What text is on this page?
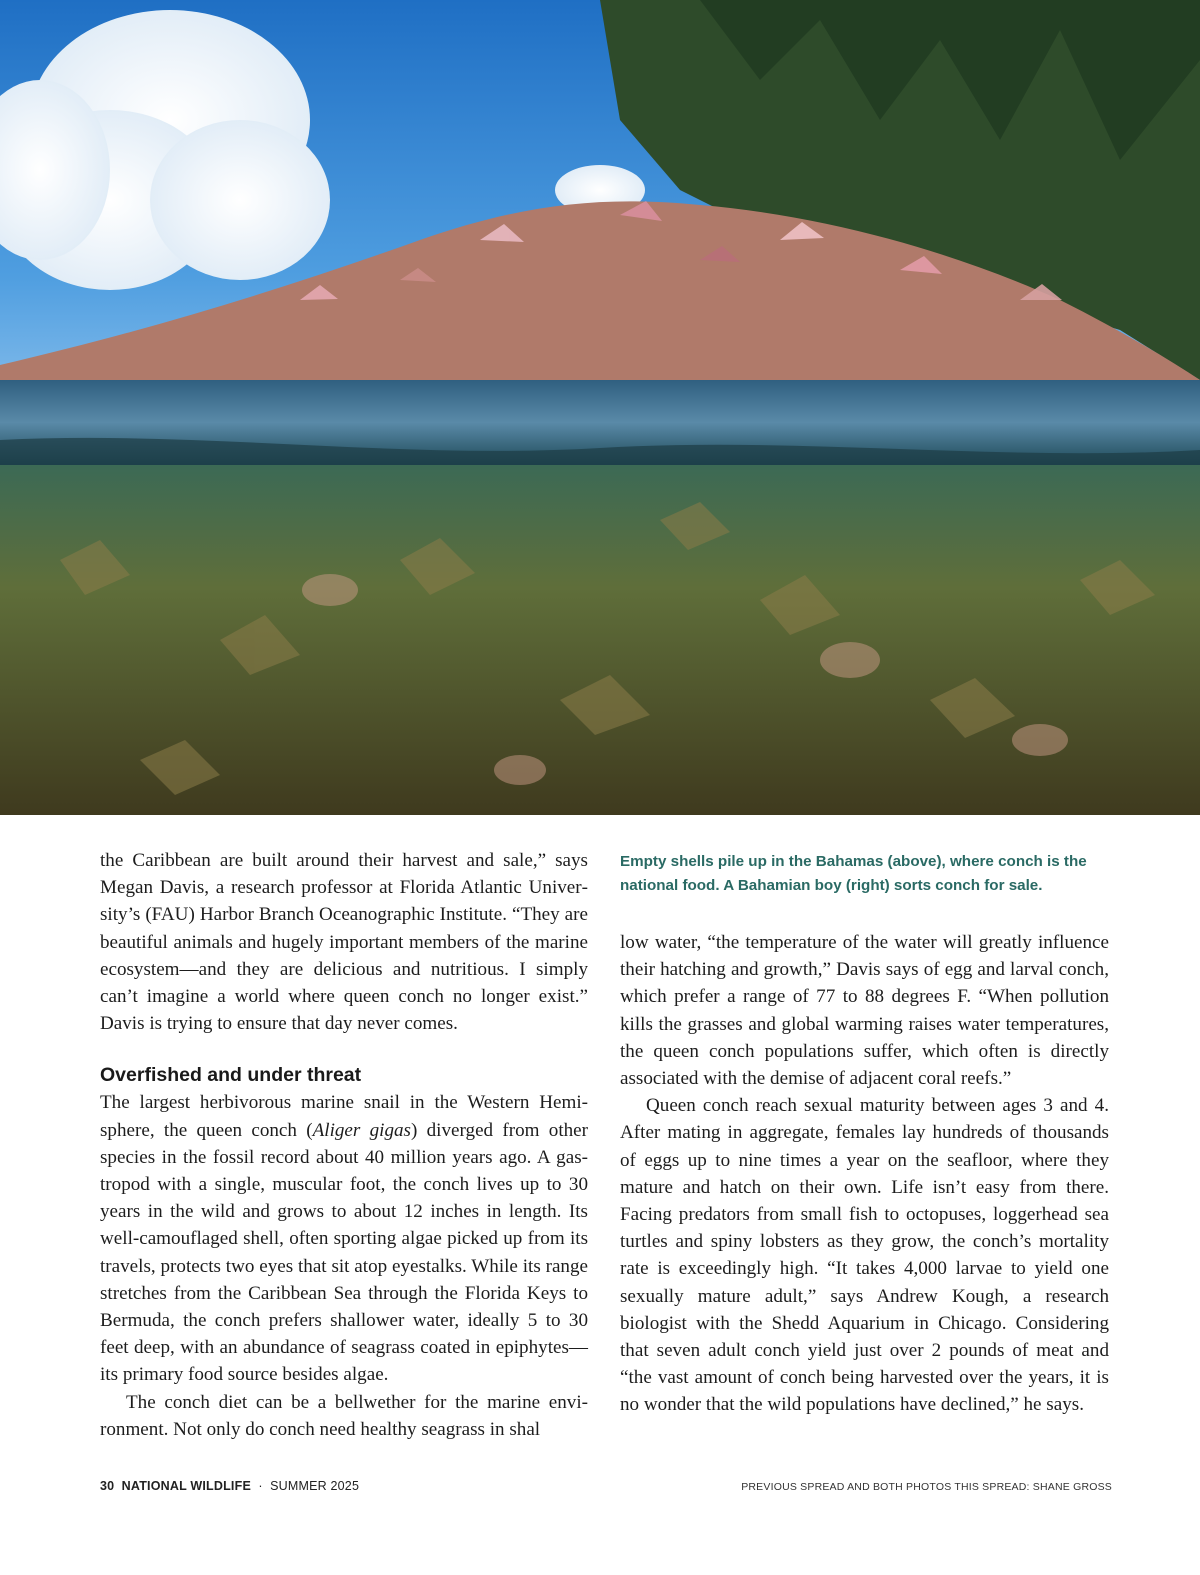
the Caribbean are built around their harvest and sale,” says Megan Davis, a research professor at Florida Atlantic University’s (FAU) Harbor Branch Oceanographic Institute. “They are beautiful animals and hugely important members of the marine ecosystem—and they are delicious and nutritious. I simply can’t imagine a world where queen conch no longer exist.” Davis is trying to ensure that day never comes.

Overfished and under threat

The largest herbivorous marine snail in the Western Hemisphere, the queen conch (Aliger gigas) diverged from other species in the fossil record about 40 million years ago. A gastropod with a single, muscular foot, the conch lives up to 30 years in the wild and grows to about 12 inches in length. Its well-camouflaged shell, often sporting algae picked up from its travels, protects two eyes that sit atop eyestalks. While its range stretches from the Caribbean Sea through the Florida Keys to Bermuda, the conch prefers shallower water, ideally 5 to 30 feet deep, with an abundance of seagrass coated in epiphytes—its primary food source besides algae.

The conch diet can be a bellwether for the marine environment. Not only do conch need healthy seagrass in shal

Empty shells pile up in the Bahamas (above), where conch is the national food. A Bahamian boy (right) sorts conch for sale.

low water, “the temperature of the water will greatly influence their hatching and growth,” Davis says of egg and larval conch, which prefer a range of 77 to 88 degrees F. “When pollution kills the grasses and global warming raises water temperatures, the queen conch populations suffer, which often is directly associated with the demise of adjacent coral reefs.”

Queen conch reach sexual maturity between ages 3 and 4. After mating in aggregate, females lay hundreds of thousands of eggs up to nine times a year on the seafloor, where they mature and hatch on their own. Life isn’t easy from there. Facing predators from small fish to octopuses, loggerhead sea turtles and spiny lobsters as they grow, the conch’s mortality rate is exceedingly high. “It takes 4,000 larvae to yield one sexually mature adult,” says Andrew Kough, a research biologist with the Shedd Aquarium in Chicago. Considering that seven adult conch yield just over 2 pounds of meat and “the vast amount of conch being harvested over the years, it is no wonder that the wild populations have declined,” he says.

30 NATIONAL WILDLIFE · SUMMER 2025	PREVIOUS SPREAD AND BOTH PHOTOS THIS SPREAD: SHANE GROSS
